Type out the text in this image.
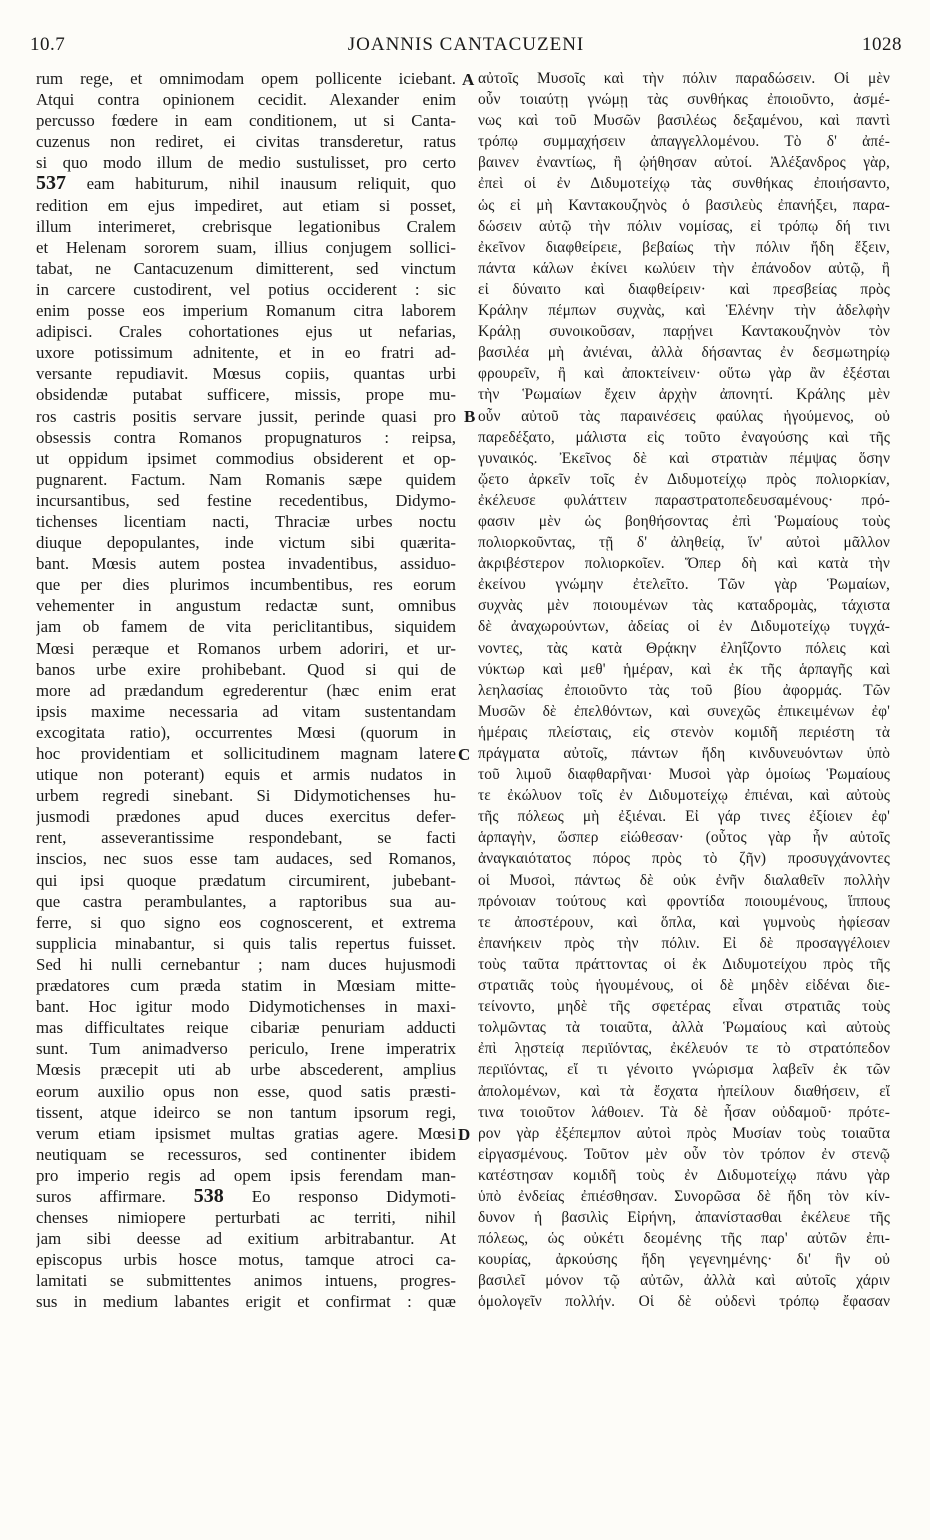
10.7	JOANNIS CANTACUZENI	1028
rum rege, et omnimodam opem pollicente iciebant.
Atqui contra opinionem cecidit. Alexander enim
percusso fœdere in eam conditionem, ut si Canta-
cuzenus non rediret, ei civitas transderetur, ratus
si quo modo illum de medio sustulisset, pro certo
537 eam habiturum, nihil inausum reliquit, quo
redition em ejus impediret, aut etiam si posset,
illum interimeret, crebrisque legationibus Cralem
et Helenam sororem suam, illius conjugem sollici-
tabat, ne Cantacuzenum dimitterent, sed vinctum
in carcere custodirent, vel potius occiderent : sic
enim posse eos imperium Romanum citra laborem
adipisci. Crales cohortationes ejus ut nefarias,
uxore potissimum adnitente, et in eo fratri ad-
versante repudiavit. Mœsus copiis, quantas urbi
obsidendæ putabat sufficere, missis, prope mu-
ros castris positis servare jussit, perinde quasi pro
obsessis contra Romanos propugnaturos : reipsa,
ut oppidum ipsimet commodius obsiderent et op-
pugnarent. Factum. Nam Romanis sæpe quidem
incursantibus, sed festine recedentibus, Didymo-
tichenses licentiam nacti, Thraciæ urbes noctu
diuque depopulantes, inde victum sibi quærita-
bant. Mœsis autem postea invadentibus, assiduo-
que per dies plurimos incumbentibus, res eorum
vehementer in angustum redactæ sunt, omnibus
jam ob famem de vita periclitantibus, siquidem
Mœsi peræque et Romanos urbem adoriri, et ur-
banos urbe exire prohibebant. Quod si qui de
more ad prædandum egrederentur (hæc enim erat
ipsis maxime necessaria ad vitam sustentandam
excogitata ratio), occurrentes Mœsi (quorum in
hoc providentiam et sollicitudinem magnam latere
utique non poterant) equis et armis nudatos in
urbem regredi sinebant. Si Didymotichenses hu-
jusmodi prædones apud duces exercitus defer-
rent, asseverantissime respondebant, se facti
inscios, nec suos esse tam audaces, sed Romanos,
qui ipsi quoque prædatum circumirent, jubebant-
que castra perambulantes, a raptoribus sua au-
ferre, si quo signo eos cognoscerent, et extrema
supplicia minabantur, si quis talis repertus fuisset.
Sed hi nulli cernebantur ; nam duces hujusmodi
prædatores cum præda statim in Mœsiam mitte-
bant. Hoc igitur modo Didymotichenses in maxi-
mas difficultates reique cibariæ penuriam adducti
sunt. Tum animadverso periculo, Irene imperatrix
Mœsis præcepit uti ab urbe abscederent, amplius
eorum auxilio opus non esse, quod satis præsti-
tissent, atque ideirco se non tantum ipsorum regi,
verum etiam ipsismet multas gratias agere. Mœsi
neutiquam se recessuros, sed continenter ibidem
pro imperio regis ad opem ipsis ferendam man-
suros affirmare. 538 Eo responso Didymoti-
chenses nimiopere perturbati ac territi, nihil
jam sibi deesse ad exitium arbitrabantur. At
episcopus urbis hosce motus, tamque atroci ca-
lamitati se submittentes animos intuens, progres-
sus in medium labantes erigit et confirmat : quæ
αὐτοῖς Μυσοῖς καὶ τὴν πόλιν παραδώσειν. Οἱ μὲν
οὖν τοιαύτῃ γνώμῃ τὰς συνθήκας ἐποιοῦντο, ἀσμέ-
νως καὶ τοῦ Μυσῶν βασιλέως δεξαμένου, καὶ παντὶ
τρόπῳ συμμαχήσειν ἀπαγγελλομένου. Τὸ δ' ἀπέ-
βαινεν ἐναντίως, ἢ ᾠήθησαν αὐτοί. Ἀλέξανδρος γὰρ,
ἐπεὶ οἱ ἐν Διδυμοτείχῳ τὰς συνθήκας ἐποιήσαντο,
ὡς εἰ μὴ Καντακουζηνὸς ὁ βασιλεὺς ἐπανήξει, παρα-
δώσειν αὐτῷ τὴν πόλιν νομίσας, εἰ τρόπῳ δή τινι
ἐκεῖνον διαφθείρειε, βεβαίως τὴν πόλιν ἤδη ἕξειν,
πάντα κάλων ἐκίνει κωλύειν τὴν ἐπάνοδον αὐτῷ, ἢ
εἰ δύναιτο καὶ διαφθείρειν· καὶ πρεσβείας πρὸς
Κράλην πέμπων συχνὰς, καὶ Ἑλένην τὴν ἀδελφὴν
Κράλῃ συνοικοῦσαν, παρῄνει Καντακουζηνὸν τὸν
βασιλέα μὴ ἀνιέναι, ἀλλὰ δήσαντας ἐν δεσμωτηρίῳ
φρουρεῖν, ἢ καὶ ἀποκτείνειν· οὕτω γὰρ ἂν ἐξέσται
τὴν Ῥωμαίων ἔχειν ἀρχὴν ἀπονητί. Κράλης μὲν
οὖν αὐτοῦ τὰς παραινέσεις φαύλας ἡγούμενος, οὐ
παρεδέξατο, μάλιστα εἰς τοῦτο ἐναγούσης καὶ τῆς
γυναικός. Ἐκεῖνος δὲ καὶ στρατιὰν πέμψας ὅσην
ᾤετο ἀρκεῖν τοῖς ἐν Διδυμοτείχῳ πρὸς πολιορκίαν,
ἐκέλευσε φυλάττειν παραστρατοπεδευσαμένους· πρό-
φασιν μὲν ὡς βοηθήσοντας ἐπὶ Ῥωμαίους τοὺς
πολιορκοῦντας, τῇ δ' ἀληθείᾳ, ἵν' αὐτοὶ μᾶλλον
ἀκριβέστερον πολιορκοῖεν. Ὅπερ δὴ καὶ κατὰ τὴν
ἐκείνου γνώμην ἐτελεῖτο. Τῶν γὰρ Ῥωμαίων,
συχνὰς μὲν ποιουμένων τὰς καταδρομὰς, τάχιστα
δὲ ἀναχωρούντων, ἀδείας οἱ ἐν Διδυμοτείχῳ τυγχά-
νοντες, τὰς κατὰ Θρᾴκην ἐληΐζοντο πόλεις καὶ
νύκτωρ καὶ μεθ' ἡμέραν, καὶ ἐκ τῆς ἁρπαγῆς καὶ
λεηλασίας ἐποιοῦντο τὰς τοῦ βίου ἀφορμάς. Τῶν
Μυσῶν δὲ ἐπελθόντων, καὶ συνεχῶς ἐπικειμένων ἐφ'
ἡμέραις πλείσταις, εἰς στενὸν κομιδῆ περιέστη τὰ
πράγματα αὐτοῖς, πάντων ἤδη κινδυνευόντων ὑπὸ
τοῦ λιμοῦ διαφθαρῆναι· Μυσοὶ γὰρ ὁμοίως Ῥωμαίους
τε ἐκώλυον τοῖς ἐν Διδυμοτείχῳ ἐπιέναι, καὶ αὐτοὺς
τῆς πόλεως μὴ ἐξιέναι. Εἰ γάρ τινες ἐξίοιεν ἐφ'
ἁρπαγὴν, ὥσπερ εἰώθεσαν· (οὗτος γὰρ ἦν αὐτοῖς
ἀναγκαιότατος πόρος πρὸς τὸ ζῆν) προσυγχάνοντες
οἱ Μυσοὶ, πάντως δὲ οὐκ ἐνῆν διαλαθεῖν πολλὴν
πρόνοιαν τούτους καὶ φροντίδα ποιουμένους, ἵππους
τε ἀποστέρουν, καὶ ὅπλα, καὶ γυμνοὺς ἠφίεσαν
ἐπανήκειν πρὸς τὴν πόλιν. Εἰ δὲ προσαγγέλοιεν
τοὺς ταῦτα πράττοντας οἱ ἐκ Διδυμοτείχου πρὸς τῆς
στρατιᾶς τοὺς ἡγουμένους, οἱ δὲ μηδὲν εἰδέναι διε-
τείνοντο, μηδὲ τῆς σφετέρας εἶναι στρατιᾶς τοὺς
τολμῶντας τὰ τοιαῦτα, ἀλλὰ Ῥωμαίους καὶ αὐτοὺς
ἐπὶ λῃστείᾳ περιϊόντας, ἐκέλευόν τε τὸ στρατόπεδον
περιϊόντας, εἴ τι γένοιτο γνώρισμα λαβεῖν ἐκ τῶν
ἀπολομένων, καὶ τὰ ἔσχατα ἠπείλουν διαθήσειν, εἴ
τινα τοιοῦτον λάθοιεν. Τὰ δὲ ἦσαν οὐδαμοῦ· πρότε-
ρον γὰρ ἐξέπεμπον αὐτοὶ πρὸς Μυσίαν τοὺς τοιαῦτα
εἰργασμένους. Τοῦτον μὲν οὖν τὸν τρόπον ἐν στενῷ
κατέστησαν κομιδῆ τοὺς ἐν Διδυμοτείχῳ πάνυ γὰρ
ὑπὸ ἐνδείας ἐπιέσθησαν. Συνορῶσα δὲ ἤδη τὸν κίν-
δυνον ἡ βασιλὶς Εἰρήνη, ἀπανίστασθαι ἐκέλευε τῆς
πόλεως, ὡς οὐκέτι δεομένης τῆς παρ' αὐτῶν ἐπι-
κουρίας, ἀρκούσης ἤδη γεγενημένης· δι' ἣν οὐ
βασιλεῖ μόνον τῷ αὐτῶν, ἀλλὰ καὶ αὐτοῖς χάριν
ὁμολογεῖν πολλήν. Οἱ δὲ οὐδενὶ τρόπῳ ἔφασαν
A
B
C
D
